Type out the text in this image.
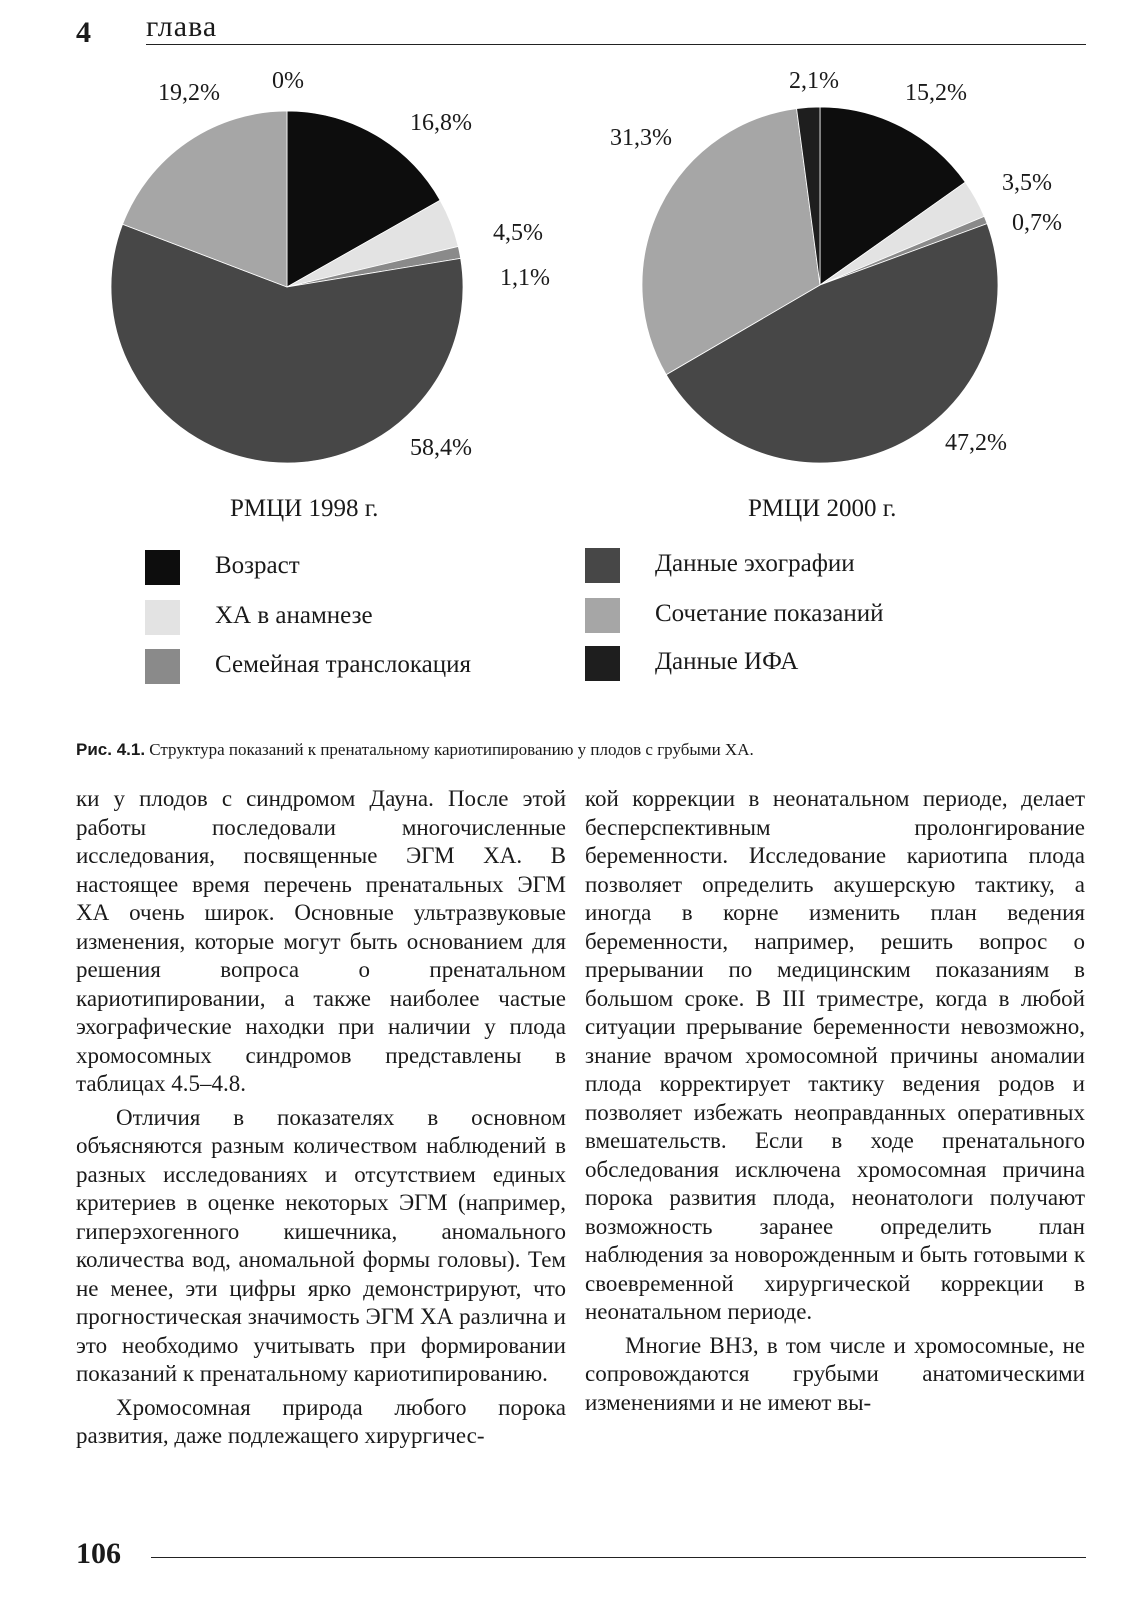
4 глава
16,8%
4,5%
1,1%
58,4%
19,2% 0%	15,2%
3,5%
0,7%
47,2%
31,3%
2,1%
РМЦИ 1998 г.	РМЦИ 2000 г.
Возраст
ХА в анамнезе
Семейная транслокация
Данные эхографии
Сочетание показаний
Данные ИФА
Рис. 4.1. Структура показаний к пренатальному кариотипированию у плодов с грубыми ХА.

ки у плодов с синдромом Дауна. После этой работы последовали многочисленные исследования, посвященные ЭГМ ХА. В настоящее время перечень пренатальных ЭГМ ХА очень широк. Основные ультразвуковые изменения, которые могут быть основанием для решения вопроса о пренатальном кариотипировании, а также наиболее частые эхографические находки при наличии у плода хромосомных синдромов представлены в таблицах 4.5–4.8.

Отличия в показателях в основном объясняются разным количеством наблюдений в разных исследованиях и отсутствием единых критериев в оценке некоторых ЭГМ (например, гиперэхогенного кишечника, аномального количества вод, аномальной формы головы). Тем не менее, эти цифры ярко демонстрируют, что прогностическая значимость ЭГМ ХА различна и это необходимо учитывать при формировании показаний к пренатальному кариотипированию.

Хромосомная природа любого порока развития, даже подлежащего хирургичес-

кой коррекции в неонатальном периоде, делает бесперспективным пролонгирование беременности. Исследование кариотипа плода позволяет определить акушерскую тактику, а иногда в корне изменить план ведения беременности, например, решить вопрос о прерывании по медицинским показаниям в большом сроке. В III триместре, когда в любой ситуации прерывание беременности невозможно, знание врачом хромосомной причины аномалии плода корректирует тактику ведения родов и позволяет избежать неоправданных оперативных вмешательств. Если в ходе пренатального обследования исключена хромосомная причина порока развития плода, неонатологи получают возможность заранее определить план наблюдения за новорожденным и быть готовыми к своевременной хирургической коррекции в неонатальном периоде.

Многие ВНЗ, в том числе и хромосомные, не сопровождаются грубыми анатомическими изменениями и не имеют вы-

106
